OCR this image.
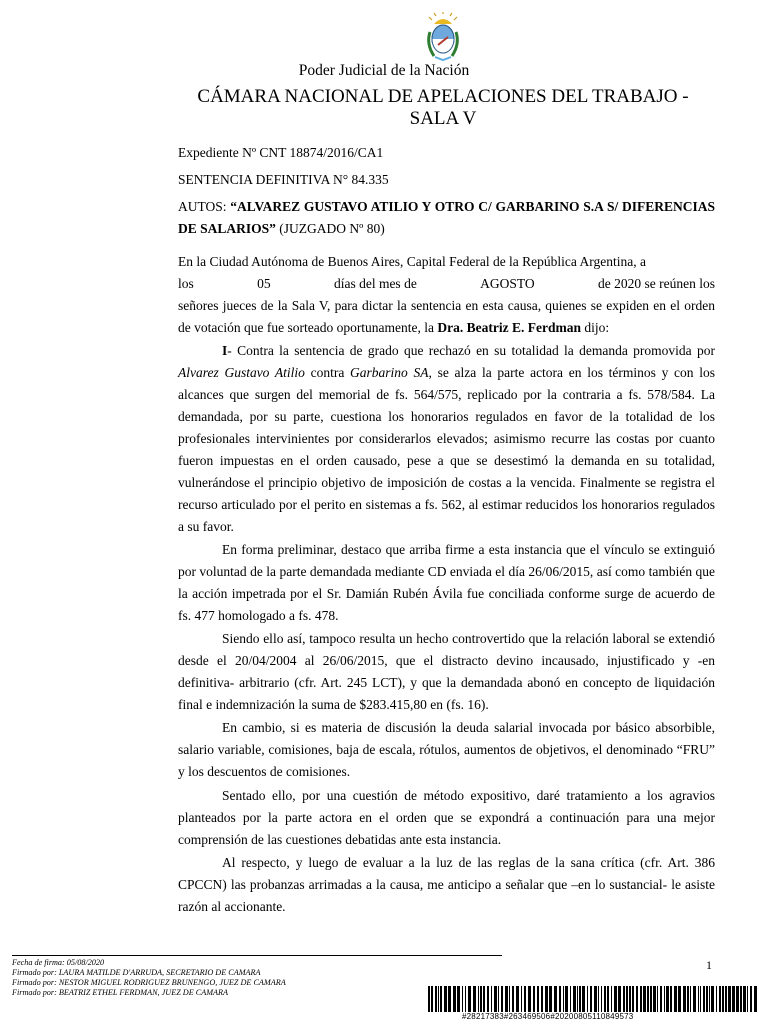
Poder Judicial de la Nación
CÁMARA NACIONAL DE APELACIONES DEL TRABAJO -
SALA V
Expediente Nº CNT 18874/2016/CA1
SENTENCIA DEFINITIVA N° 84.335
AUTOS: “ALVAREZ GUSTAVO ATILIO Y OTRO C/ GARBARINO S.A S/ DIFERENCIAS DE SALARIOS” (JUZGADO Nº 80)
En la Ciudad Autónoma de Buenos Aires, Capital Federal de la República Argentina, a
los	05	días del mes de	AGOSTO	de 2020 se reúnen los
señores jueces de la Sala V, para dictar la sentencia en esta causa, quienes se expiden en el orden de votación que fue sorteado oportunamente, la Dra. Beatriz E. Ferdman dijo:
I- Contra la sentencia de grado que rechazó en su totalidad la demanda promovida por Alvarez Gustavo Atilio contra Garbarino SA, se alza la parte actora en los términos y con los alcances que surgen del memorial de fs. 564/575, replicado por la contraria a fs. 578/584. La demandada, por su parte, cuestiona los honorarios regulados en favor de la totalidad de los profesionales intervinientes por considerarlos elevados; asimismo recurre las costas por cuanto fueron impuestas en el orden causado, pese a que se desestimó la demanda en su totalidad, vulnerándose el principio objetivo de imposición de costas a la vencida. Finalmente se registra el recurso articulado por el perito en sistemas a fs. 562, al estimar reducidos los honorarios regulados a su favor.
En forma preliminar, destaco que arriba firme a esta instancia que el vínculo se extinguió por voluntad de la parte demandada mediante CD enviada el día 26/06/2015, así como también que la acción impetrada por el Sr. Damián Rubén Ávila fue conciliada conforme surge de acuerdo de fs. 477 homologado a fs. 478.
Siendo ello así, tampoco resulta un hecho controvertido que la relación laboral se extendió desde el 20/04/2004 al 26/06/2015, que el distracto devino incausado, injustificado y -en definitiva- arbitrario (cfr. Art. 245 LCT), y que la demandada abonó en concepto de liquidación final e indemnización la suma de $283.415,80 en (fs. 16).
En cambio, si es materia de discusión la deuda salarial invocada por básico absorbible, salario variable, comisiones, baja de escala, rótulos, aumentos de objetivos, el denominado “FRU” y los descuentos de comisiones.
Sentado ello, por una cuestión de método expositivo, daré tratamiento a los agravios planteados por la parte actora en el orden que se expondrá a continuación para una mejor comprensión de las cuestiones debatidas ante esta instancia.
Al respecto, y luego de evaluar a la luz de las reglas de la sana crítica (cfr. Art. 386 CPCCN) las probanzas arrimadas a la causa, me anticipo a señalar que –en lo sustancial- le asiste razón al accionante.
Fecha de firma: 05/08/2020
Firmado por: LAURA MATILDE D'ARRUDA, SECRETARIO DE CAMARA
Firmado por: NESTOR MIGUEL RODRIGUEZ BRUNENGO, JUEZ DE CAMARA
Firmado por: BEATRIZ ETHEL FERDMAN, JUEZ DE CAMARA
1
#28217383#263469506#20200805110849573
